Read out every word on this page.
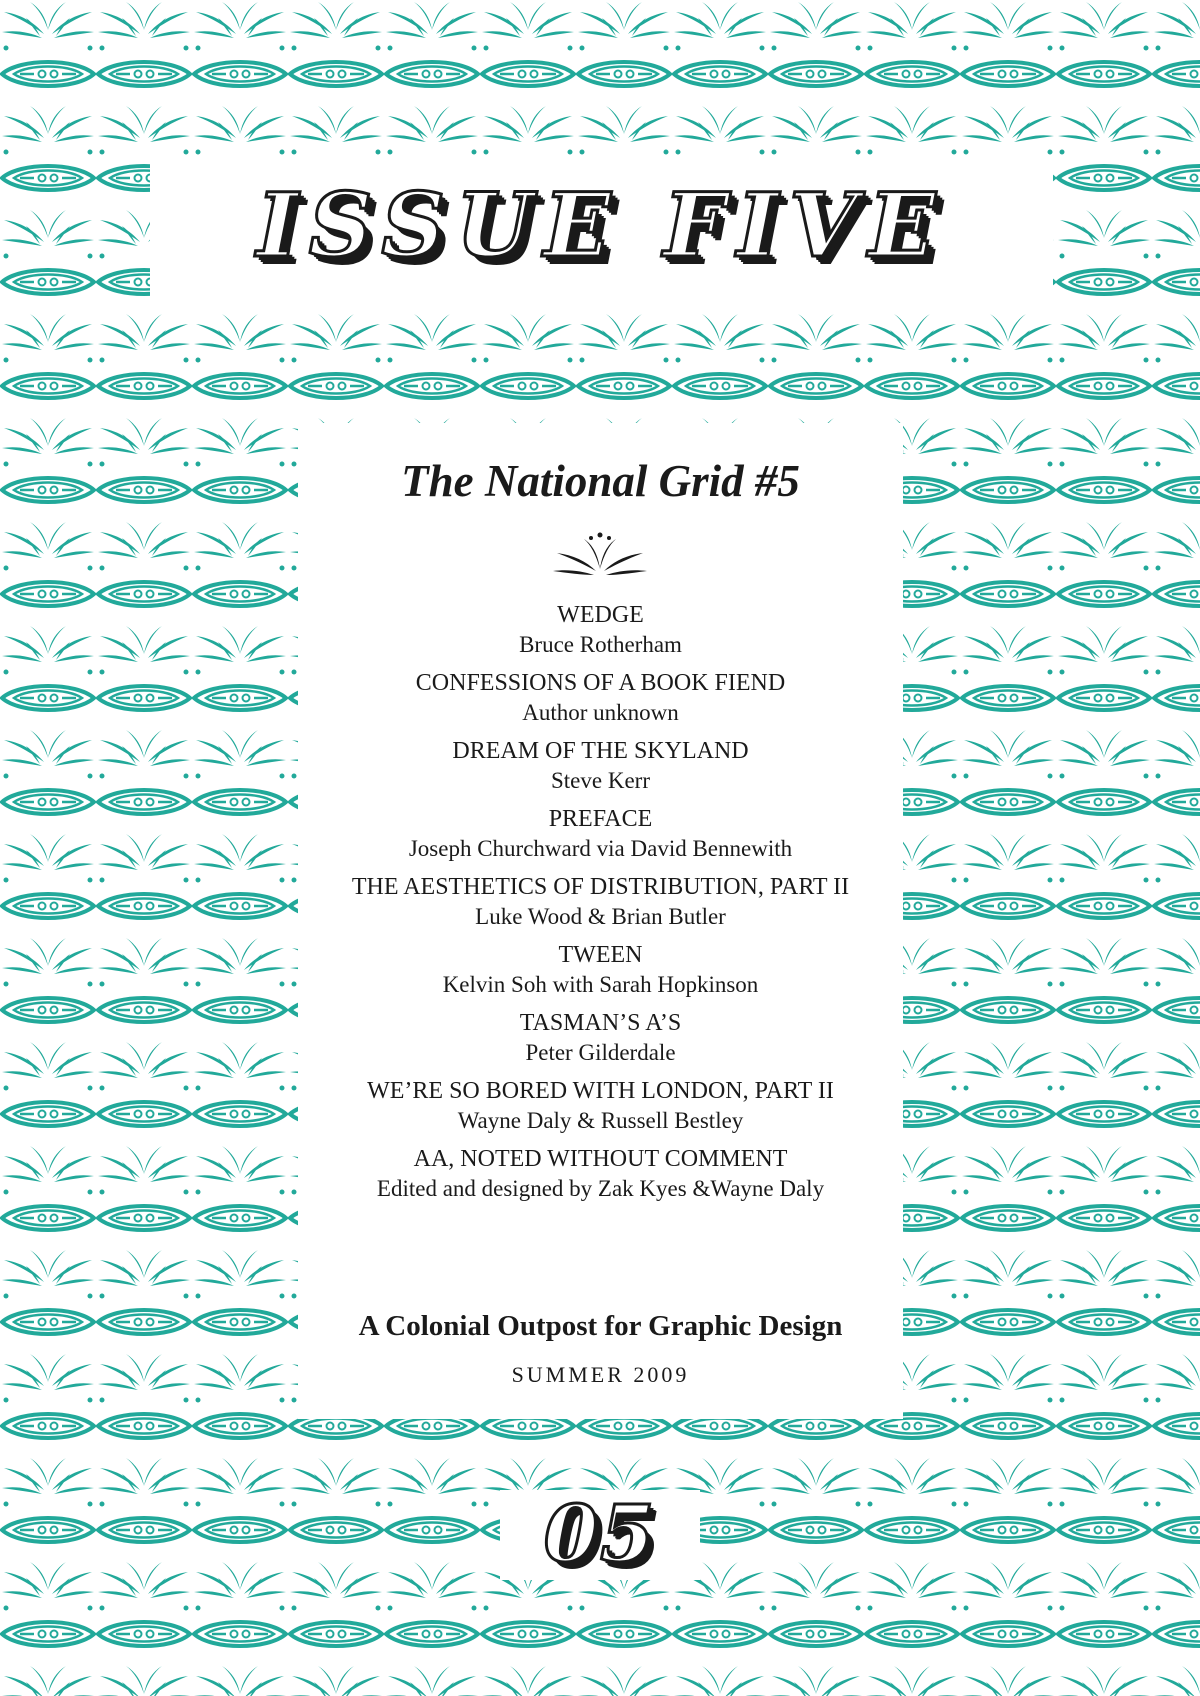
ISSUE FIVE
The National Grid #5
WEDGE
Bruce Rotherham
CONFESSIONS OF A BOOK FIEND
Author unknown
DREAM OF THE SKYLAND
Steve Kerr
PREFACE
Joseph Churchward via David Bennewith
THE AESTHETICS OF DISTRIBUTION, PART II
Luke Wood & Brian Butler
TWEEN
Kelvin Soh with Sarah Hopkinson
TASMAN’S A’S
Peter Gilderdale
WE’RE SO BORED WITH LONDON, PART II
Wayne Daly & Russell Bestley
AA, NOTED WITHOUT COMMENT
Edited and designed by Zak Kyes &Wayne Daly
A Colonial Outpost for Graphic Design
SUMMER 2009
05
